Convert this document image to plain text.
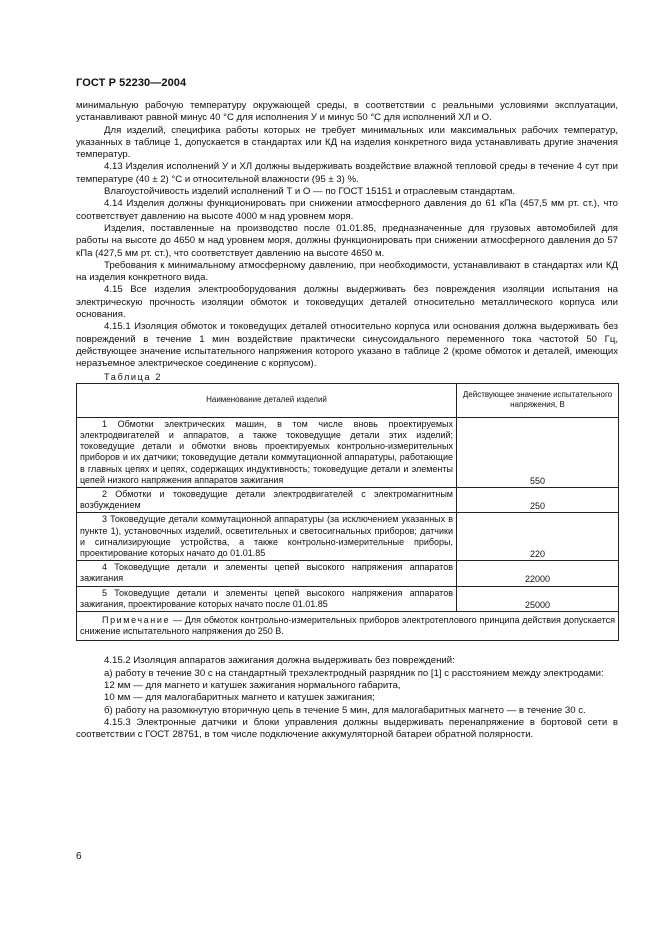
ГОСТ Р 52230—2004

минимальную рабочую температуру окружающей среды, в соответствии с реальными условиями эксплуатации, устанавливают равной минус 40 °С для исполнения У и минус 50 °С для исполнений ХЛ и О.

Для изделий, специфика работы которых не требует минимальных или максимальных рабочих температур, указанных в таблице 1, допускается в стандартах или КД на изделия конкретного вида устанавливать другие значения температур.

4.13 Изделия исполнений У и ХЛ должны выдерживать воздействие влажной тепловой среды в течение 4 сут при температуре (40 ± 2) °С и относительной влажности (95 ± 3) %.

Влагоустойчивость изделий исполнений Т и О — по ГОСТ 15151 и отраслевым стандартам.

4.14 Изделия должны функционировать при снижении атмосферного давления до 61 кПа (457,5 мм рт. ст.), что соответствует давлению на высоте 4000 м над уровнем моря.

Изделия, поставленные на производство после 01.01.85, предназначенные для грузовых автомобилей для работы на высоте до 4650 м над уровнем моря, должны функционировать при снижении атмосферного давления до 57 кПа (427,5 мм рт. ст.), что соответствует давлению на высоте 4650 м.

Требования к минимальному атмосферному давлению, при необходимости, устанавливают в стандартах или КД на изделия конкретного вида.

4.15 Все изделия электрооборудования должны выдерживать без повреждения изоляции испытания на электрическую прочность изоляции обмоток и токоведущих деталей относительно металлического корпуса или основания.

4.15.1 Изоляция обмоток и токоведущих деталей относительно корпуса или основания должна выдерживать без повреждений в течение 1 мин воздействие практически синусоидального переменного тока частотой 50 Гц, действующее значение испытательного напряжения которого указано в таблице 2 (кроме обмоток и деталей, имеющих неразъемное электрическое соединение с корпусом).

Таблица 2

Наименование деталей изделий	Действующее значение испытательного напряжения, В
1 Обмотки электрических машин, в том числе вновь проектируемых электродвигателей и аппаратов, а также токоведущие детали этих изделий; токоведущие детали и обмотки вновь проектируемых контрольно-измерительных приборов и их датчики; токоведущие детали коммутационной аппаратуры, работающие в главных цепях и цепях, содержащих индуктивность; токоведущие детали и элементы цепей низкого напряжения аппаратов зажигания	550
2 Обмотки и токоведущие детали электродвигателей с электромагнитным возбуждением	250
3 Токоведущие детали коммутационной аппаратуры (за исключением указанных в пункте 1), установочных изделий, осветительных и светосигнальных приборов; датчики и сигнализирующие устройства, а также контрольно-измерительные приборы, проектирование которых начато до 01.01.85	220
4 Токоведущие детали и элементы цепей высокого напряжения аппаратов зажигания	22000
5 Токоведущие детали и элементы цепей высокого напряжения аппаратов зажигания, проектирование которых начато после 01.01.85	25000
Примечание — Для обмоток контрольно-измерительных приборов электротеплового принципа действия допускается снижение испытательного напряжения до 250 В.	

4.15.2 Изоляция аппаратов зажигания должна выдерживать без повреждений:

а) работу в течение 30 с на стандартный трехэлектродный разрядник по [1] с расстоянием между электродами:

12 мм — для магнето и катушек зажигания нормального габарита,

10 мм — для малогабаритных магнето и катушек зажигания;

б) работу на разомкнутую вторичную цепь в течение 5 мин, для малогабаритных магнето — в течение 30 с.

4.15.3 Электронные датчики и блоки управления должны выдерживать перенапряжение в бортовой сети в соответствии с ГОСТ 28751, в том числе подключение аккумуляторной батареи обратной полярности.

6
